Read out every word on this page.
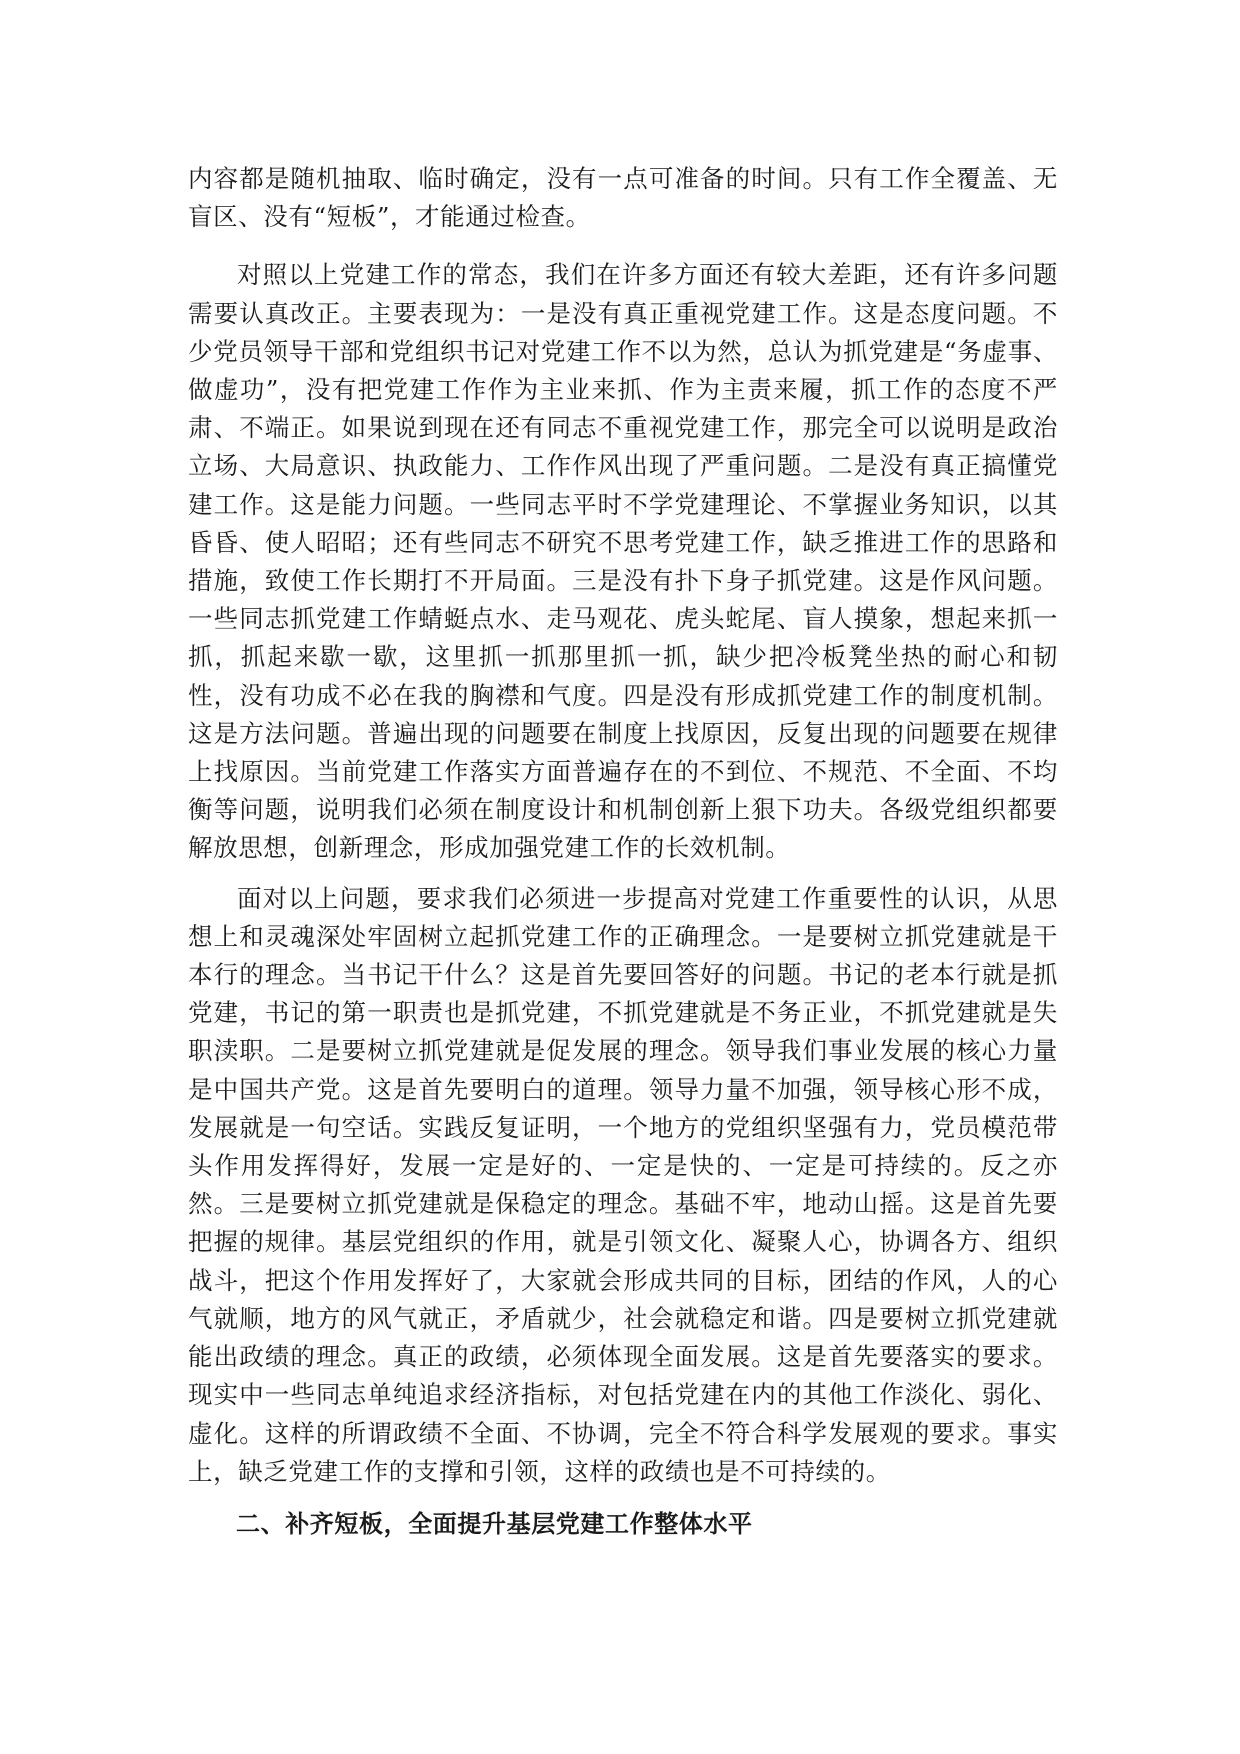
内容都是随机抽取、临时确定，没有一点可准备的时间。只有工作全覆盖、无盲区、没有“短板”，才能通过检查。

对照以上党建工作的常态，我们在许多方面还有较大差距，还有许多问题需要认真改正。主要表现为：一是没有真正重视党建工作。这是态度问题。不少党员领导干部和党组织书记对党建工作不以为然，总认为抓党建是“务虚事、做虚功”，没有把党建工作作为主业来抓、作为主责来履，抓工作的态度不严肃、不端正。如果说到现在还有同志不重视党建工作，那完全可以说明是政治立场、大局意识、执政能力、工作作风出现了严重问题。二是没有真正搞懂党建工作。这是能力问题。一些同志平时不学党建理论、不掌握业务知识，以其昏昏、使人昭昭；还有些同志不研究不思考党建工作，缺乏推进工作的思路和措施，致使工作长期打不开局面。三是没有扑下身子抓党建。这是作风问题。一些同志抓党建工作蜻蜓点水、走马观花、虎头蛇尾、盲人摸象，想起来抓一抓，抓起来歇一歇，这里抓一抓那里抓一抓，缺少把冷板凳坐热的耐心和韧性，没有功成不必在我的胸襟和气度。四是没有形成抓党建工作的制度机制。这是方法问题。普遍出现的问题要在制度上找原因，反复出现的问题要在规律上找原因。当前党建工作落实方面普遍存在的不到位、不规范、不全面、不均衡等问题，说明我们必须在制度设计和机制创新上狠下功夫。各级党组织都要解放思想，创新理念，形成加强党建工作的长效机制。

面对以上问题，要求我们必须进一步提高对党建工作重要性的认识，从思想上和灵魂深处牢固树立起抓党建工作的正确理念。一是要树立抓党建就是干本行的理念。当书记干什么？这是首先要回答好的问题。书记的老本行就是抓党建，书记的第一职责也是抓党建，不抓党建就是不务正业，不抓党建就是失职渎职。二是要树立抓党建就是促发展的理念。领导我们事业发展的核心力量是中国共产党。这是首先要明白的道理。领导力量不加强，领导核心形不成，发展就是一句空话。实践反复证明，一个地方的党组织坚强有力，党员模范带头作用发挥得好，发展一定是好的、一定是快的、一定是可持续的。反之亦然。三是要树立抓党建就是保稳定的理念。基础不牢，地动山摇。这是首先要把握的规律。基层党组织的作用，就是引领文化、凝聚人心，协调各方、组织战斗，把这个作用发挥好了，大家就会形成共同的目标，团结的作风，人的心气就顺，地方的风气就正，矛盾就少，社会就稳定和谐。四是要树立抓党建就能出政绩的理念。真正的政绩，必须体现全面发展。这是首先要落实的要求。现实中一些同志单纯追求经济指标，对包括党建在内的其他工作淡化、弱化、虚化。这样的所谓政绩不全面、不协调，完全不符合科学发展观的要求。事实上，缺乏党建工作的支撑和引领，这样的政绩也是不可持续的。

二、补齐短板，全面提升基层党建工作整体水平
